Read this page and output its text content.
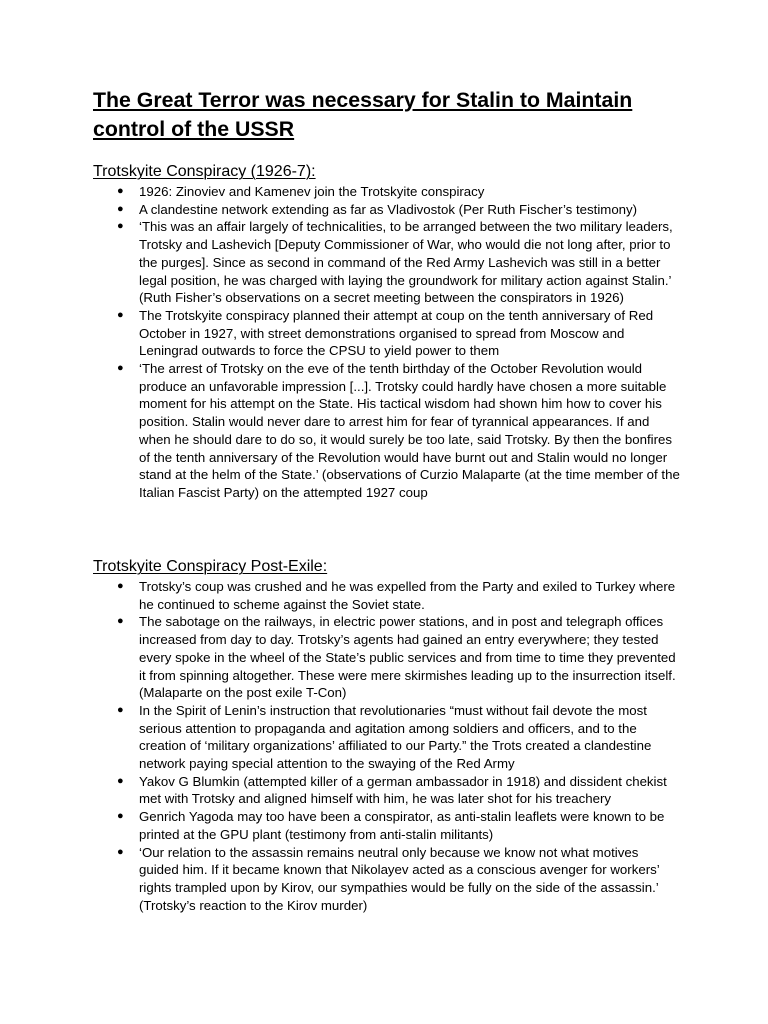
The Great Terror was necessary for Stalin to Maintain control of the USSR
Trotskyite Conspiracy (1926-7):
● 1926: Zinoviev and Kamenev join the Trotskyite conspiracy
● A clandestine network extending as far as Vladivostok (Per Ruth Fischer’s testimony)
● ‘This was an affair largely of technicalities, to be arranged between the two military leaders, Trotsky and Lashevich [Deputy Commissioner of War, who would die not long after, prior to the purges]. Since as second in command of the Red Army Lashevich was still in a better legal position, he was charged with laying the groundwork for military action against Stalin.’ (Ruth Fisher’s observations on a secret meeting between the conspirators in 1926)
● The Trotskyite conspiracy planned their attempt at coup on the tenth anniversary of Red October in 1927, with street demonstrations organised to spread from Moscow and Leningrad outwards to force the CPSU to yield power to them
● ‘The arrest of Trotsky on the eve of the tenth birthday of the October Revolution would produce an unfavorable impression [...]. Trotsky could hardly have chosen a more suitable moment for his attempt on the State. His tactical wisdom had shown him how to cover his position. Stalin would never dare to arrest him for fear of tyrannical appearances. If and when he should dare to do so, it would surely be too late, said Trotsky. By then the bonfires of the tenth anniversary of the Revolution would have burnt out and Stalin would no longer stand at the helm of the State.’ (observations of Curzio Malaparte (at the time member of the Italian Fascist Party) on the attempted 1927 coup
Trotskyite Conspiracy Post-Exile:
● Trotsky’s coup was crushed and he was expelled from the Party and exiled to Turkey where he continued to scheme against the Soviet state.
● The sabotage on the railways, in electric power stations, and in post and telegraph offices increased from day to day. Trotsky’s agents had gained an entry everywhere; they tested every spoke in the wheel of the State’s public services and from time to time they prevented it from spinning altogether. These were mere skirmishes leading up to the insurrection itself. (Malaparte on the post exile T-Con)
● In the Spirit of Lenin’s instruction that revolutionaries “must without fail devote the most serious attention to propaganda and agitation among soldiers and officers, and to the creation of ‘military organizations’ affiliated to our Party.” the Trots created a clandestine network paying special attention to the swaying of the Red Army
● Yakov G Blumkin (attempted killer of a german ambassador in 1918) and dissident chekist met with Trotsky and aligned himself with him, he was later shot for his treachery
● Genrich Yagoda may too have been a conspirator, as anti-stalin leaflets were known to be printed at the GPU plant (testimony from anti-stalin militants)
● ‘Our relation to the assassin remains neutral only because we know not what motives guided him. If it became known that Nikolayev acted as a conscious avenger for workers’ rights trampled upon by Kirov, our sympathies would be fully on the side of the assassin.’ (Trotsky’s reaction to the Kirov murder)
